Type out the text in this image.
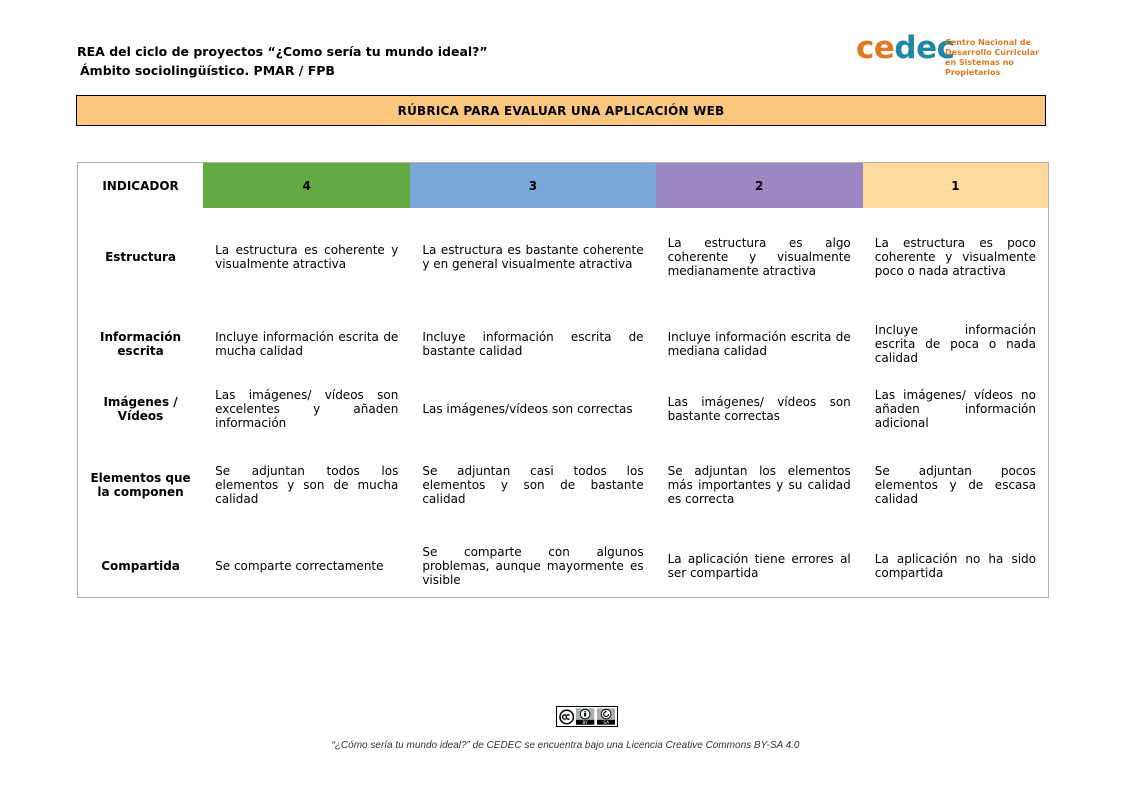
REA del ciclo de proyectos “¿Como sería tu mundo ideal?”
Ámbito sociolingüístico. PMAR / FPB
cedec
Centro Nacional de
Desarrollo Curricular
en Sistemas no Propietarios
RÚBRICA PARA EVALUAR UNA APLICACIÓN WEB
INDICADOR	4	3	2	1
Estructura	La estructura es coherente y visualmente atractiva	La estructura es bastante coherente y en general visualmente atractiva	La estructura es algo coherente y visualmente medianamente atractiva	La estructura es poco coherente y visualmente poco o nada atractiva
Información escrita	Incluye información escrita de mucha calidad	Incluye información escrita de bastante calidad	Incluye información escrita de mediana calidad	Incluye información escrita de poca o nada calidad
Imágenes / Vídeos	Las imágenes/ vídeos son excelentes y añaden información	Las imágenes/vídeos son correctas	Las imágenes/ vídeos son bastante correctas	Las imágenes/ vídeos no añaden información adicional
Elementos que la componen	Se adjuntan todos los elementos y son de mucha calidad	Se adjuntan casi todos los elementos y son de bastante calidad	Se adjuntan los elementos más importantes y su calidad es correcta	Se adjuntan pocos elementos y de escasa calidad
Compartida	Se comparte correctamente	Se comparte con algunos problemas, aunque mayormente es visible	La aplicación tiene errores al ser compartida	La aplicación no ha sido compartida
BY	SA
“¿Cómo sería tu mundo ideal?” de CEDEC se encuentra bajo una Licencia Creative Commons BY-SA 4.0
